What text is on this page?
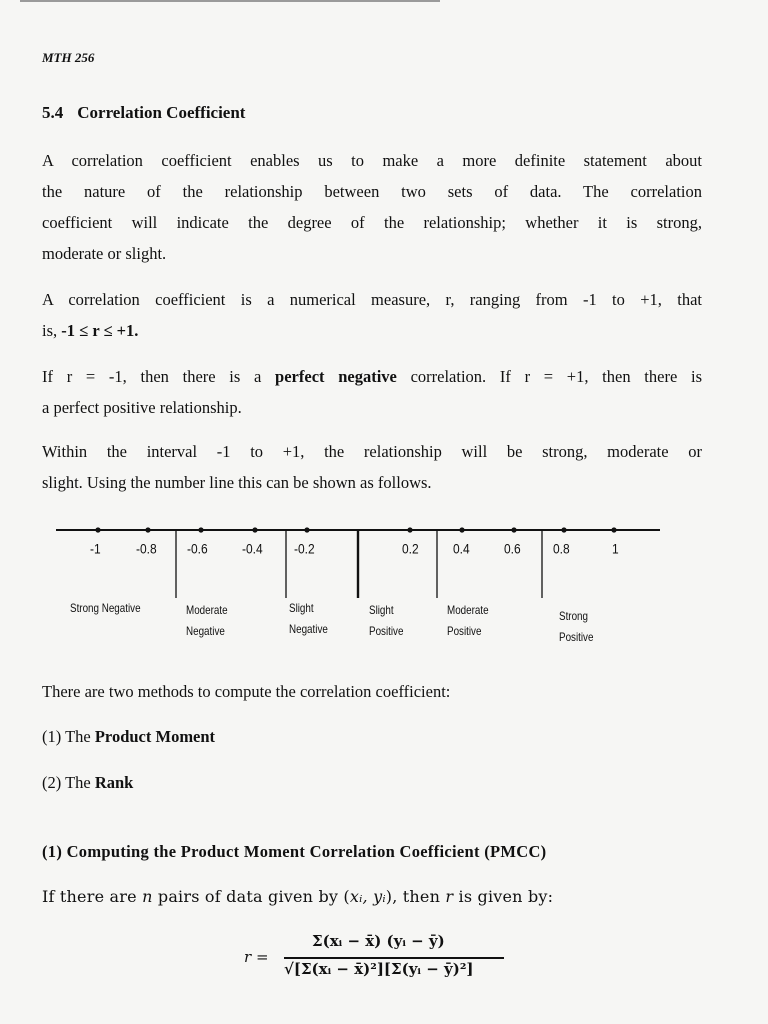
MTH 256
5.4 Correlation Coefficient
A correlation coefficient enables us to make a more definite statement about
the nature of the relationship between two sets of data. The correlation
coefficient will indicate the degree of the relationship; whether it is strong,
moderate or slight.
A correlation coefficient is a numerical measure, r, ranging from -1 to +1, that
is, -1 ≤ r ≤ +1.
If r = -1, then there is a perfect negative correlation. If r = +1, then there is
a perfect positive relationship.
Within the interval -1 to +1, the relationship will be strong, moderate or
slight. Using the number line this can be shown as follows.
-1	-0.8	-0.6	-0.4	-0.2	0.2	0.4	0.6	0.8	1
Strong Negative	Moderate
Negative
Slight
Negative
Slight
Positive
Moderate
Positive
Strong
Positive
There are two methods to compute the correlation coefficient:
(1) The Product Moment
(2) The Rank
(1) Computing the Product Moment Correlation Coefficient (PMCC)
If there are n pairs of data given by (xᵢ, yᵢ), then r is given by:
r =
Σ(xᵢ − x̄) (yᵢ − ȳ)
√[Σ(xᵢ − x̄)²][Σ(yᵢ − ȳ)²]
